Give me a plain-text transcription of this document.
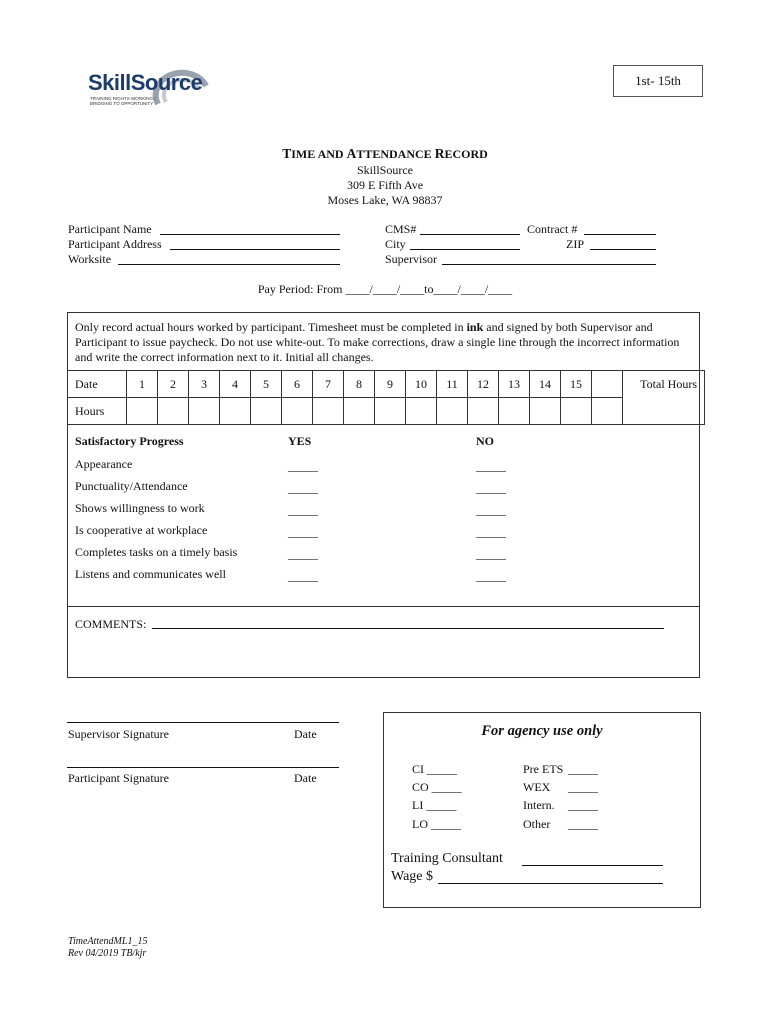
SkillSource
TRAINING RIGHTS WORKING / BRIDGING TO OPPORTUNITY
1st- 15th
TIME AND ATTENDANCE RECORD
SkillSource
309 E Fifth Ave
Moses Lake, WA 98837
Participant Name
Participant Address
Worksite
CMS#
City
Supervisor
Contract #
ZIP
Pay Period: From ____/____/____to____/____/____
Only record actual hours worked by participant. Timesheet must be completed in ink and signed by both Supervisor and Participant to issue paycheck. Do not use white-out. To make corrections, draw a single line through the incorrect information and write the correct information next to it. Initial all changes.
Date	1	2	3	4	5	6	7	8	9	10	11	12	13	14	15		Total Hours
Hours																	
Satisfactory Progress	YES	NO
Appearance	_____	_____
Punctuality/Attendance	_____	_____
Shows willingness to work	_____	_____
Is cooperative at workplace	_____	_____
Completes tasks on a timely basis	_____	_____
Listens and communicates well	_____	_____
COMMENTS:
Supervisor Signature	Date
Participant Signature	Date
For agency use only
CI _____
CO _____
LI _____
LO _____
Pre ETS _____
WEX _____
Intern. _____
Other _____
Training Consultant
Wage $
TimeAttendML1_15
Rev 04/2019 TB/kjr
